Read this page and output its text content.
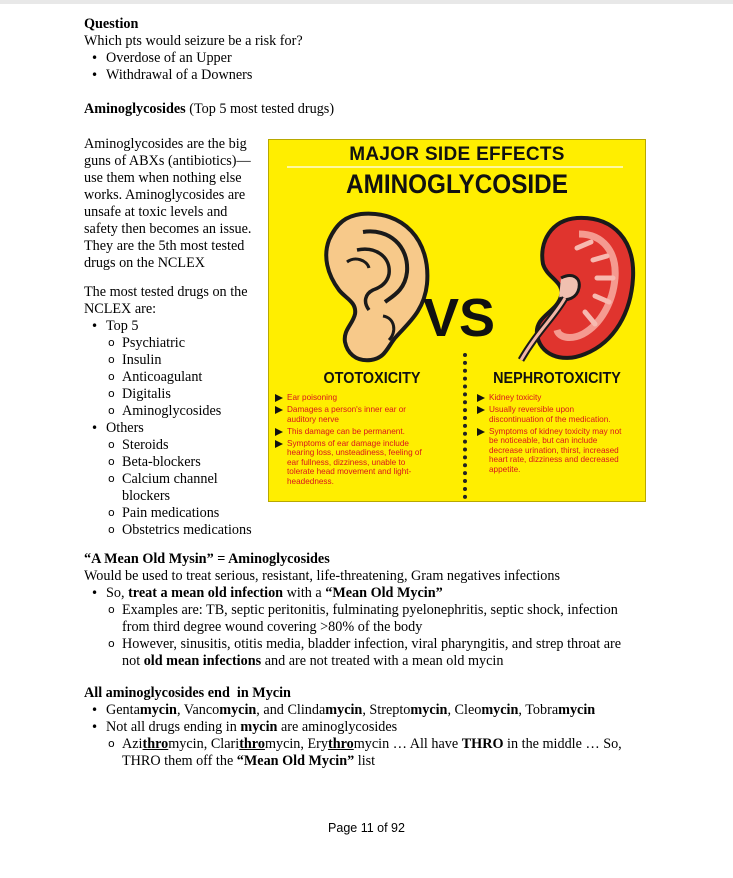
Question
Which pts would seizure be a risk for?
• Overdose of an Upper
• Withdrawal of a Downers
Aminoglycosides (Top 5 most tested drugs)
Aminoglycosides are the big
guns of ABXs (antibiotics)—
use them when nothing else
works. Aminoglycosides are
unsafe at toxic levels and
safety then becomes an issue.
They are the 5th most tested
drugs on the NCLEX
The most tested drugs on the
NCLEX are:
• Top 5
o Psychiatric
o Insulin
o Anticoagulant
o Digitalis
o Aminoglycosides
• Others
o Steroids
o Beta-blockers
o Calcium channel
blockers
o Pain medications
o Obstetrics medications
MAJOR SIDE EFFECTS
AMINOGLYCOSIDE
VS
OTOTOXICITY	NEPHROTOXICITY
Ear poisoning
Damages a person's inner ear or
auditory nerve
This damage can be permanent.
Symptoms of ear damage include
hearing loss, unsteadiness, feeling of
ear fullness, dizziness, unable to
tolerate head movement and light-
headedness.
Kidney toxicity
Usually reversible upon
discontinuation of the medication.
Symptoms of kidney toxicity may not
be noticeable, but can include
decrease urination, thirst, increased
heart rate, dizziness and decreased
appetite.
“A Mean Old Mysin” = Aminoglycosides
Would be used to treat serious, resistant, life-threatening, Gram negatives infections
• So, treat a mean old infection with a “Mean Old Mycin”
o Examples are: TB, septic peritonitis, fulminating pyelonephritis, septic shock, infection
from third degree wound covering >80% of the body
o However, sinusitis, otitis media, bladder infection, viral pharyngitis, and strep throat are
not old mean infections and are not treated with a mean old mycin
All aminoglycosides end  in Mycin
• Gentamycin, Vancomycin, and Clindamycin, Streptomycin, Cleomycin, Tobramycin
• Not all drugs ending in mycin are aminoglycosides
o Azithromycin, Clarithromycin, Erythromycin … All have THRO in the middle … So,
THRO them off the “Mean Old Mycin” list
Page 11 of 92
